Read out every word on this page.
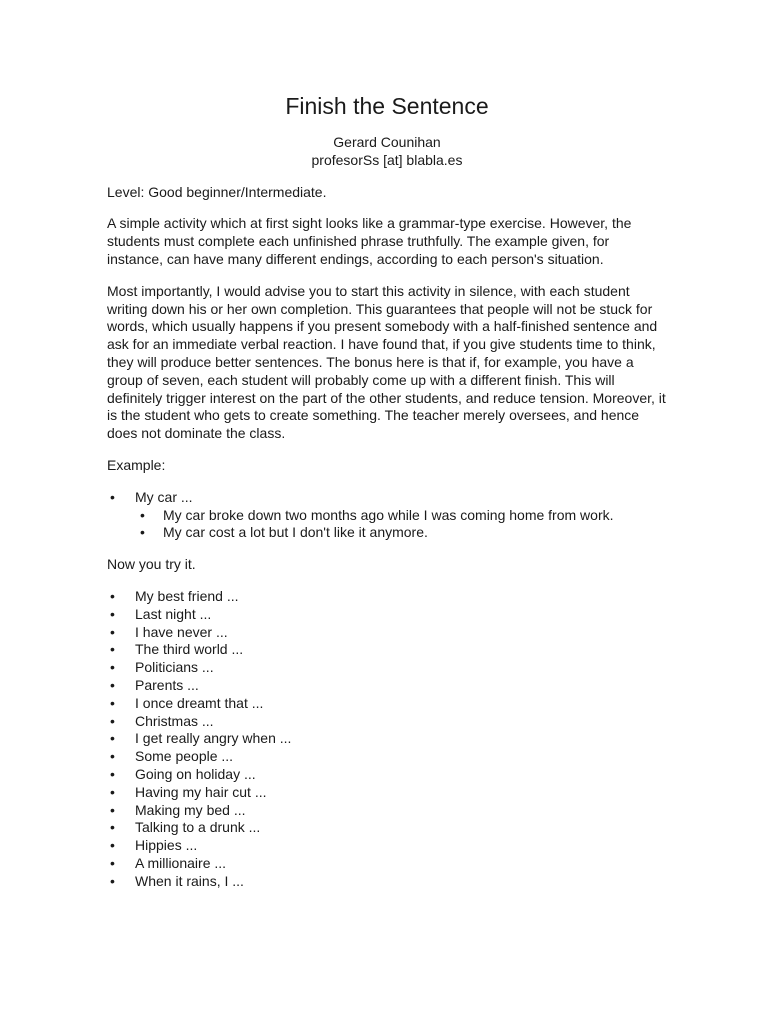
Finish the Sentence
Gerard Counihan
profesorSs [at] blabla.es

Level: Good beginner/Intermediate.

A simple activity which at first sight looks like a grammar-type exercise. However, the students must complete each unfinished phrase truthfully. The example given, for instance, can have many different endings, according to each person's situation.

Most importantly, I would advise you to start this activity in silence, with each student writing down his or her own completion. This guarantees that people will not be stuck for words, which usually happens if you present somebody with a half-finished sentence and ask for an immediate verbal reaction. I have found that, if you give students time to think, they will produce better sentences. The bonus here is that if, for example, you have a group of seven, each student will probably come up with a different finish. This will definitely trigger interest on the part of the other students, and reduce tension. Moreover, it is the student who gets to create something. The teacher merely oversees, and hence does not dominate the class.

Example:

• My car ...
• My car broke down two months ago while I was coming home from work.
• My car cost a lot but I don't like it anymore.

Now you try it.

• My best friend ...
• Last night ...
• I have never ...
• The third world ...
• Politicians ...
• Parents ...
• I once dreamt that ...
• Christmas ...
• I get really angry when ...
• Some people ...
• Going on holiday ...
• Having my hair cut ...
• Making my bed ...
• Talking to a drunk ...
• Hippies ...
• A millionaire ...
• When it rains, I ...
